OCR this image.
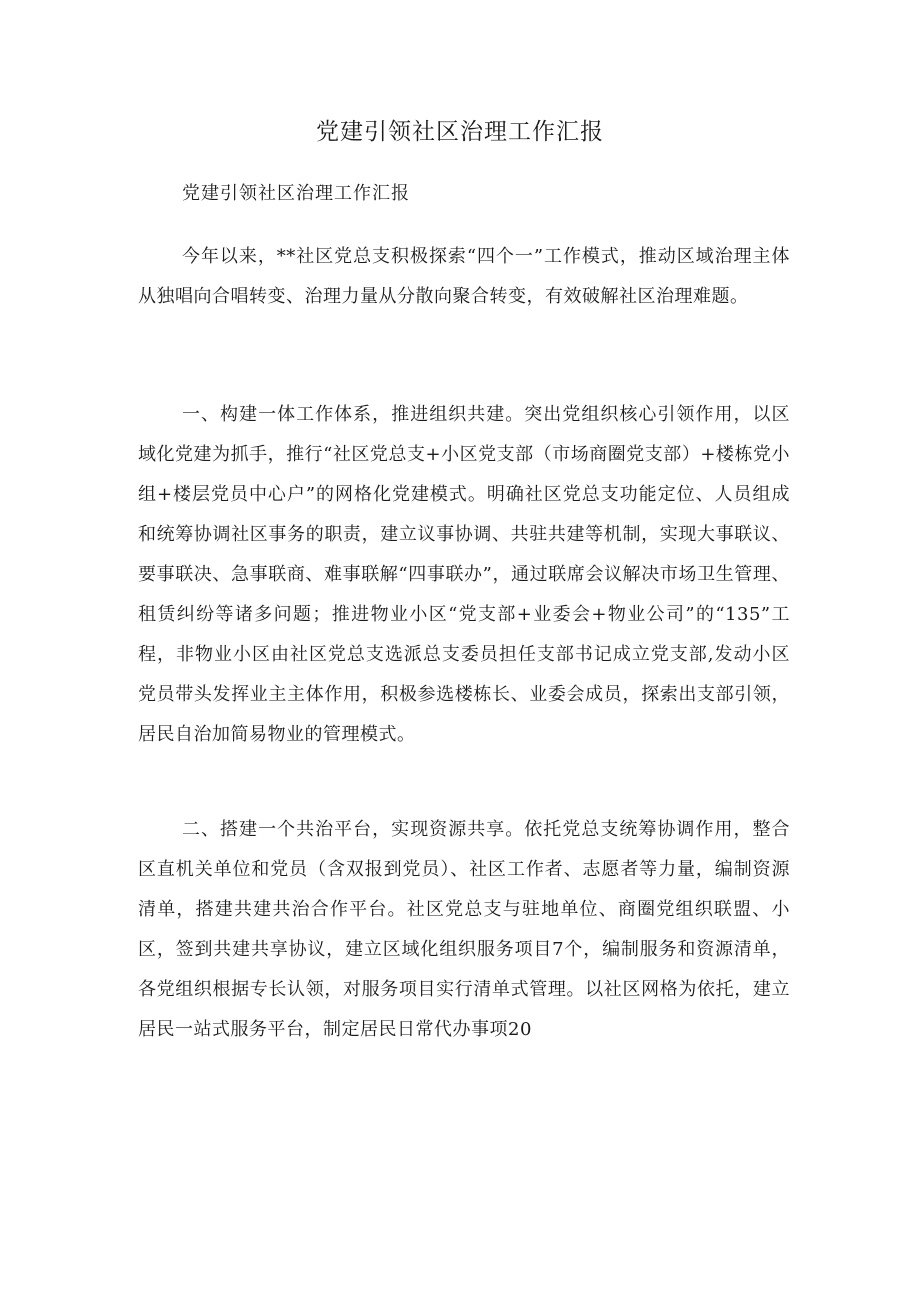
党建引领社区治理工作汇报
党建引领社区治理工作汇报

今年以来，**社区党总支积极探索“四个一”工作模式，推动区域治理主体从独唱向合唱转变、治理力量从分散向聚合转变，有效破解社区治理难题。

一、构建一体工作体系，推进组织共建。突出党组织核心引领作用，以区域化党建为抓手，推行“社区党总支+小区党支部（市场商圈党支部）+楼栋党小组+楼层党员中心户”的网格化党建模式。明确社区党总支功能定位、人员组成和统筹协调社区事务的职责，建立议事协调、共驻共建等机制，实现大事联议、要事联决、急事联商、难事联解“四事联办”，通过联席会议解决市场卫生管理、租赁纠纷等诸多问题；推进物业小区“党支部+业委会+物业公司”的“135”工程，非物业小区由社区党总支选派总支委员担任支部书记成立党支部,发动小区党员带头发挥业主主体作用，积极参选楼栋长、业委会成员，探索出支部引领，居民自治加简易物业的管理模式。

二、搭建一个共治平台，实现资源共享。依托党总支统筹协调作用，整合区直机关单位和党员（含双报到党员）、社区工作者、志愿者等力量，编制资源清单，搭建共建共治合作平台。社区党总支与驻地单位、商圈党组织联盟、小区，签到共建共享协议，建立区域化组织服务项目7个，编制服务和资源清单，各党组织根据专长认领，对服务项目实行清单式管理。以社区网格为依托，建立居民一站式服务平台，制定居民日常代办事项20
